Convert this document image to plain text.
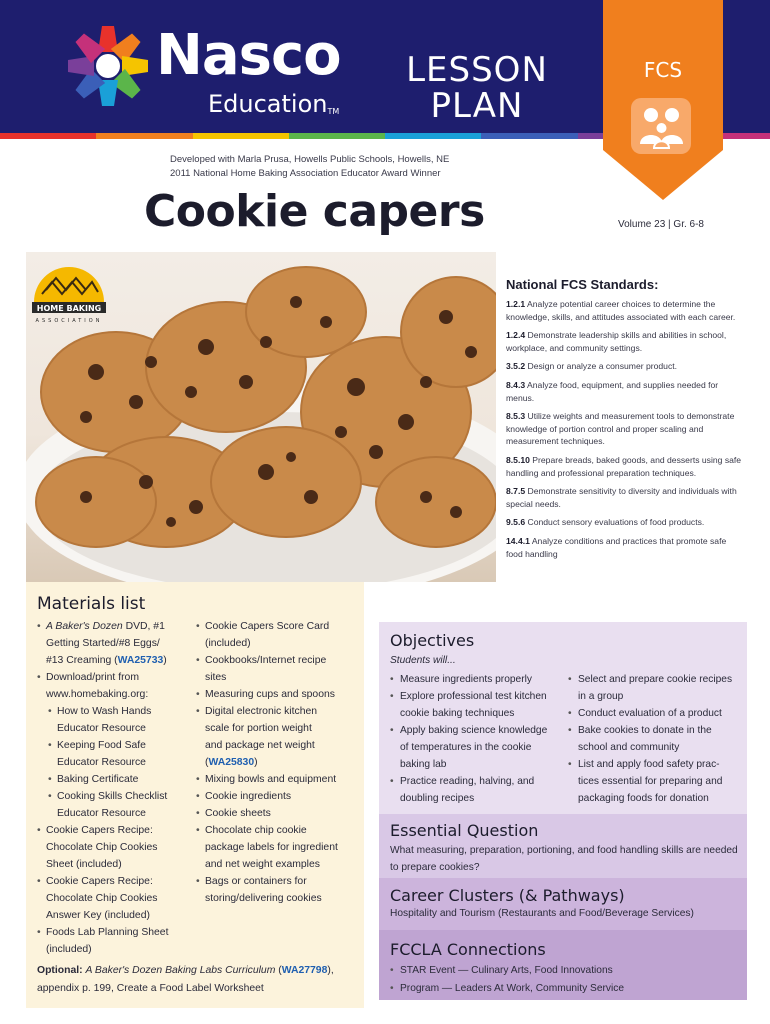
Nasco
EducationTM
LESSON
PLAN
FCS
Developed with Marla Prusa, Howells Public Schools, Howells, NE
2011 National Home Baking Association Educator Award Winner
Cookie capers	Volume 23 | Gr. 6-8
HOME BAKING
ASSOCIATION
National FCS Standards:
1.2.1 Analyze potential career choices to determine the knowledge, skills, and attitudes associated with each career.
1.2.4 Demonstrate leadership skills and abilities in school, workplace, and community settings.
3.5.2 Design or analyze a consumer product.
8.4.3 Analyze food, equipment, and supplies needed for menus.
8.5.3 Utilize weights and measurement tools to demonstrate knowledge of portion control and proper scaling and measurement techniques.
8.5.10 Prepare breads, baked goods, and desserts using safe handling and professional preparation techniques.
8.7.5 Demonstrate sensitivity to diversity and individuals with special needs.
9.5.6 Conduct sensory evaluations of food products.
14.4.1 Analyze conditions and practices that promote safe food handling
Materials list
• A Baker's Dozen DVD, #1
Getting Started/#8 Eggs/
#13 Creaming (WA25733)
• Download/print from
www.homebaking.org:
• How to Wash Hands
Educator Resource
• Keeping Food Safe
Educator Resource
• Baking Certificate
• Cooking Skills Checklist
Educator Resource
• Cookie Capers Recipe:
Chocolate Chip Cookies
Sheet (included)
• Cookie Capers Recipe:
Chocolate Chip Cookies
Answer Key (included)
• Foods Lab Planning Sheet
(included)
• Cookie Capers Score Card
(included)
• Cookbooks/Internet recipe
sites
• Measuring cups and spoons
• Digital electronic kitchen
scale for portion weight
and package net weight
(WA25830)
• Mixing bowls and equipment
• Cookie ingredients
• Cookie sheets
• Chocolate chip cookie
package labels for ingredient
and net weight examples
• Bags or containers for
storing/delivering cookies
Optional: A Baker's Dozen Baking Labs Curriculum (WA27798), appendix p. 199, Create a Food Label Worksheet
Objectives
Students will...
• Measure ingredients properly
• Explore professional test kitchen
cookie baking techniques
• Apply baking science knowledge
of temperatures in the cookie
baking lab
• Practice reading, halving, and
doubling recipes
• Select and prepare cookie recipes
in a group
• Conduct evaluation of a product
• Bake cookies to donate in the
school and community
• List and apply food safety prac-
tices essential for preparing and
packaging foods for donation
Essential Question

What measuring, preparation, portioning, and food handling skills are needed to prepare cookies?

Career Clusters (& Pathways)

Hospitality and Tourism (Restaurants and Food/Beverage Services)

FCCLA Connections
• STAR Event — Culinary Arts, Food Innovations
• Program — Leaders At Work, Community Service
